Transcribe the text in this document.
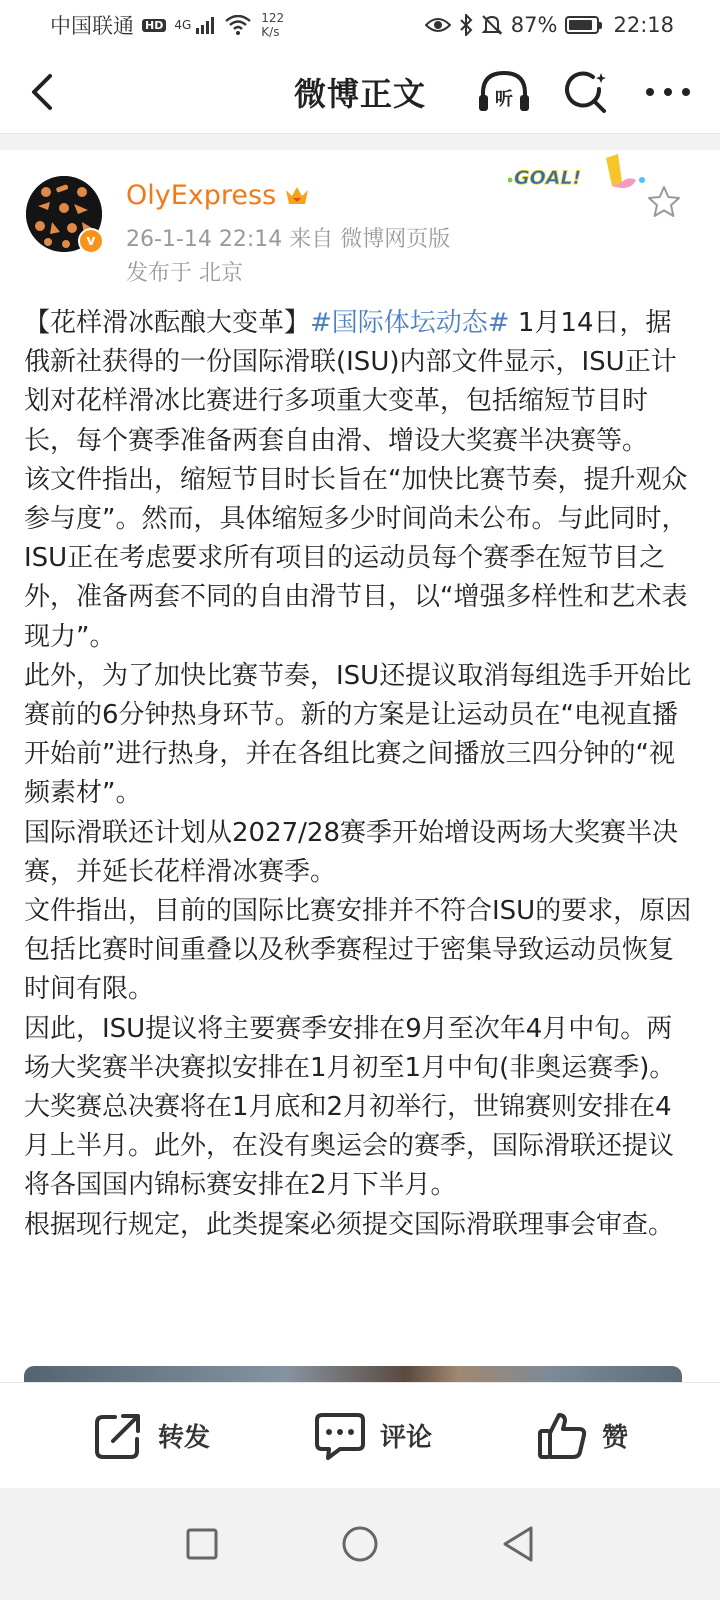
中国联通 HD 4G	122
K/s	87%	22:18
微博正文	听
v
OlyExpress
26-1-14 22:14 来自 微博网页版
发布于 北京
GOAL!

【花样滑冰酝酿大变革】#国际体坛动态# 1月14日，据俄新社获得的一份国际滑联(ISU)内部文件显示，ISU正计划对花样滑冰比赛进行多项重大变革，包括缩短节目时长，每个赛季准备两套自由滑、增设大奖赛半决赛等。

该文件指出，缩短节目时长旨在“加快比赛节奏，提升观众参与度”。然而，具体缩短多少时间尚未公布。与此同时，ISU正在考虑要求所有项目的运动员每个赛季在短节目之外，准备两套不同的自由滑节目，以“增强多样性和艺术表现力”。

此外，为了加快比赛节奏，ISU还提议取消每组选手开始比赛前的6分钟热身环节。新的方案是让运动员在“电视直播开始前”进行热身，并在各组比赛之间播放三四分钟的“视频素材”。

国际滑联还计划从2027/28赛季开始增设两场大奖赛半决赛，并延长花样滑冰赛季。

文件指出，目前的国际比赛安排并不符合ISU的要求，原因包括比赛时间重叠以及秋季赛程过于密集导致运动员恢复时间有限。

因此，ISU提议将主要赛季安排在9月至次年4月中旬。两场大奖赛半决赛拟安排在1月初至1月中旬(非奥运赛季)。大奖赛总决赛将在1月底和2月初举行，世锦赛则安排在4月上半月。此外，在没有奥运会的赛季，国际滑联还提议将各国国内锦标赛安排在2月下半月。

根据现行规定，此类提案必须提交国际滑联理事会审查。

转发	评论	赞
